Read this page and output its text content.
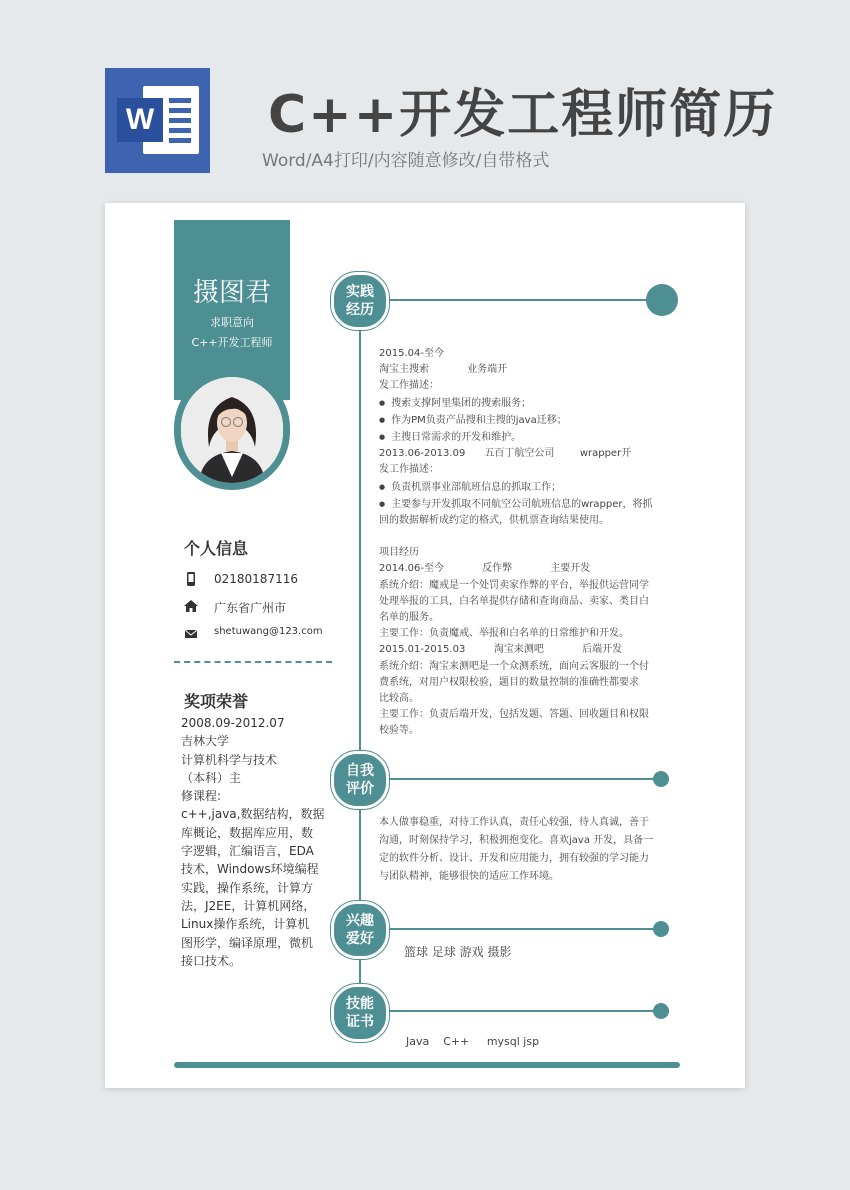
W C++开发工程师简历
Word/A4打印/内容随意修改/自带格式
摄图君
求职意向
C++开发工程师
个人信息
02180187116
广东省广州市
shetuwang@123.com
奖项荣誉
2008.09-2012.07
吉林大学
计算机科学与技术
（本科）主
修课程:
c++,java,数据结构，数据
库概论，数据库应用，数
字逻辑，汇编语言，EDA
技术，Windows环境编程
实践，操作系统，计算方
法，J2EE，计算机网络，
Linux操作系统，计算机
图形学，编译原理，微机
接口技术。
实践
经历
2015.04-至今
淘宝主搜索            业务端开
发工作描述：
● 搜索支撑阿里集团的搜索服务；
● 作为PM负责产品搜和主搜的java迁移；
● 主搜日常需求的开发和维护。
2013.06-2013.09      五百丁航空公司        wrapper开
发工作描述：
● 负责机票事业部航班信息的抓取工作；
● 主要参与开发抓取不同航空公司航班信息的wrapper，将抓
回的数据解析成约定的格式，供机票查询结果使用。
项目经历
2014.06-至今            反作弊            主要开发
系统介绍：魔戒是一个处罚卖家作弊的平台，举报供运营同学
处理举报的工具，白名单提供存储和查询商品、卖家、类目白
名单的服务。
主要工作：负责魔戒、举报和白名单的日常维护和开发。
2015.01-2015.03         淘宝来测吧            后端开发
系统介绍：淘宝来测吧是一个众测系统，面向云客服的一个付
费系统，对用户权限校验，题目的数量控制的准确性都要求
比较高。
主要工作：负责后端开发，包括发题、答题、回收题目和权限
校验等。
自我
评价
本人做事稳重，对待工作认真，责任心较强，待人真诚，善于
沟通，时刻保持学习，积极拥抱变化。喜欢java 开发，具备一
定的软件分析、设计、开发和应用能力，拥有较强的学习能力
与团队精神，能够很快的适应工作环境。
兴趣
爱好
篮球 足球 游戏 摄影
技能
证书
Java    C++     mysql jsp
